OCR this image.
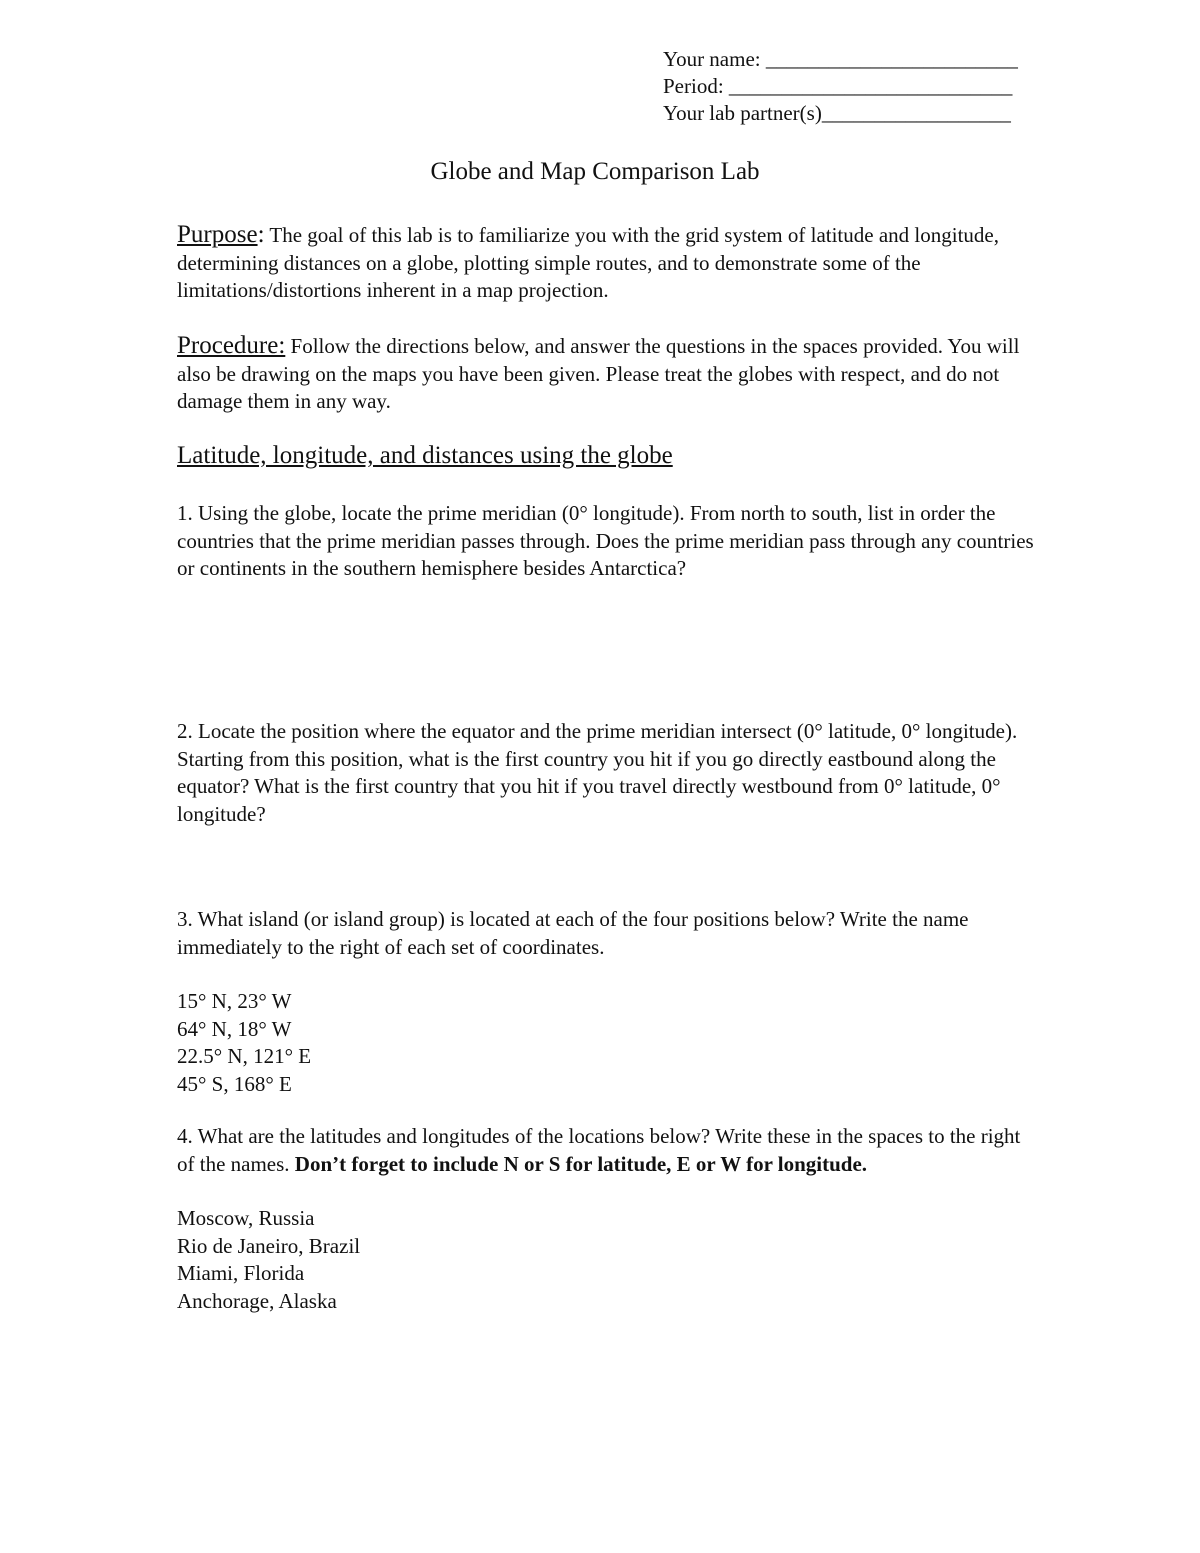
Your name: ________________________
Period: ___________________________
Your lab partner(s)__________________
Globe and Map Comparison Lab
Purpose: The goal of this lab is to familiarize you with the grid system of latitude and longitude, determining distances on a globe, plotting simple routes, and to demonstrate some of the limitations/distortions inherent in a map projection.
Procedure: Follow the directions below, and answer the questions in the spaces provided. You will also be drawing on the maps you have been given. Please treat the globes with respect, and do not damage them in any way.
Latitude, longitude, and distances using the globe
1. Using the globe, locate the prime meridian (0° longitude). From north to south, list in order the countries that the prime meridian passes through. Does the prime meridian pass through any countries or continents in the southern hemisphere besides Antarctica?
2. Locate the position where the equator and the prime meridian intersect (0° latitude, 0° longitude). Starting from this position, what is the first country you hit if you go directly eastbound along the equator? What is the first country that you hit if you travel directly westbound from 0° latitude, 0° longitude?
3. What island (or island group) is located at each of the four positions below? Write the name immediately to the right of each set of coordinates.
15° N, 23° W
64° N, 18° W
22.5° N, 121° E
45° S, 168° E
4. What are the latitudes and longitudes of the locations below? Write these in the spaces to the right of the names. Don’t forget to include N or S for latitude, E or W for longitude.
Moscow, Russia
Rio de Janeiro, Brazil
Miami, Florida
Anchorage, Alaska
